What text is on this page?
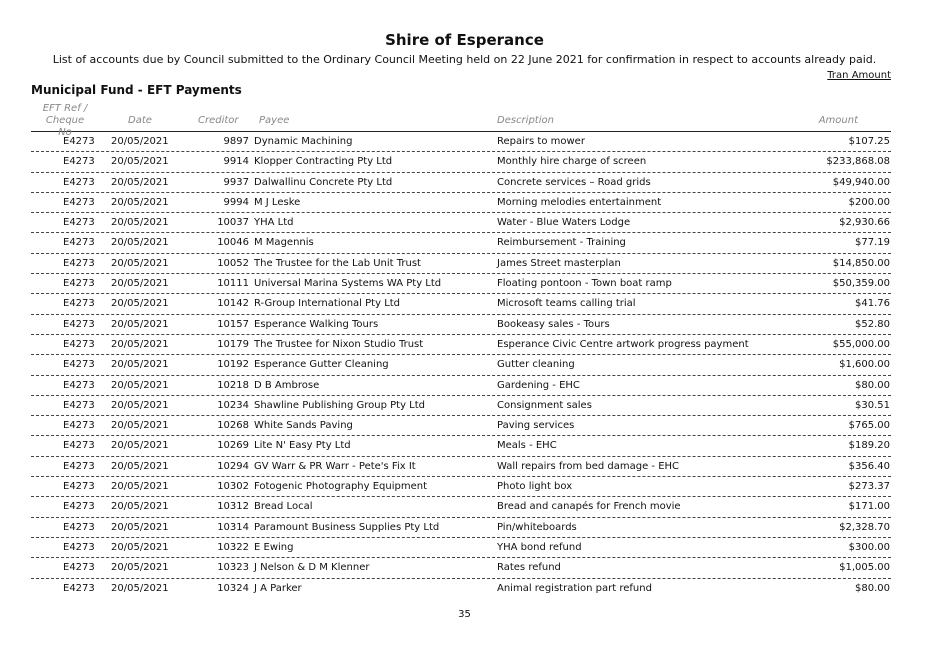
Shire of Esperance
List of accounts due by Council submitted to the Ordinary Council Meeting held on 22 June 2021 for confirmation in respect to accounts already paid.
Tran Amount
Municipal Fund - EFT Payments
EFT Ref /
Cheque No
Date	Creditor Payee	Description	Amount
E4273 20/05/2021	9897 Dynamic Machining	Repairs to mower	$107.25
E4273 20/05/2021	9914 Klopper Contracting Pty Ltd	Monthly hire charge of screen	$233,868.08
E4273 20/05/2021	9937 Dalwallinu Concrete Pty Ltd	Concrete services – Road grids	$49,940.00
E4273 20/05/2021	9994 M J Leske	Morning melodies entertainment	$200.00
E4273 20/05/2021	10037 YHA Ltd	Water - Blue Waters Lodge	$2,930.66
E4273 20/05/2021	10046 M Magennis	Reimbursement - Training	$77.19
E4273 20/05/2021	10052 The Trustee for the Lab Unit Trust	James Street masterplan	$14,850.00
E4273 20/05/2021	10111 Universal Marina Systems WA Pty Ltd	Floating pontoon - Town boat ramp	$50,359.00
E4273 20/05/2021	10142 R-Group International Pty Ltd	Microsoft teams calling trial	$41.76
E4273 20/05/2021	10157 Esperance Walking Tours	Bookeasy sales - Tours	$52.80
E4273 20/05/2021	10179 The Trustee for Nixon Studio Trust	Esperance Civic Centre artwork progress payment	$55,000.00
E4273 20/05/2021	10192 Esperance Gutter Cleaning	Gutter cleaning	$1,600.00
E4273 20/05/2021	10218 D B Ambrose	Gardening - EHC	$80.00
E4273 20/05/2021	10234 Shawline Publishing Group Pty Ltd	Consignment sales	$30.51
E4273 20/05/2021	10268 White Sands Paving	Paving services	$765.00
E4273 20/05/2021	10269 Lite N' Easy Pty Ltd	Meals - EHC	$189.20
E4273 20/05/2021	10294 GV Warr & PR Warr - Pete's Fix It	Wall repairs from bed damage - EHC	$356.40
E4273 20/05/2021	10302 Fotogenic Photography Equipment	Photo light box	$273.37
E4273 20/05/2021	10312 Bread Local	Bread and canapés for French movie	$171.00
E4273 20/05/2021	10314 Paramount Business Supplies Pty Ltd	Pin/whiteboards	$2,328.70
E4273 20/05/2021	10322 E Ewing	YHA bond refund	$300.00
E4273 20/05/2021	10323 J Nelson & D M Klenner	Rates refund	$1,005.00
E4273 20/05/2021	10324 J A Parker	Animal registration part refund	$80.00
35
